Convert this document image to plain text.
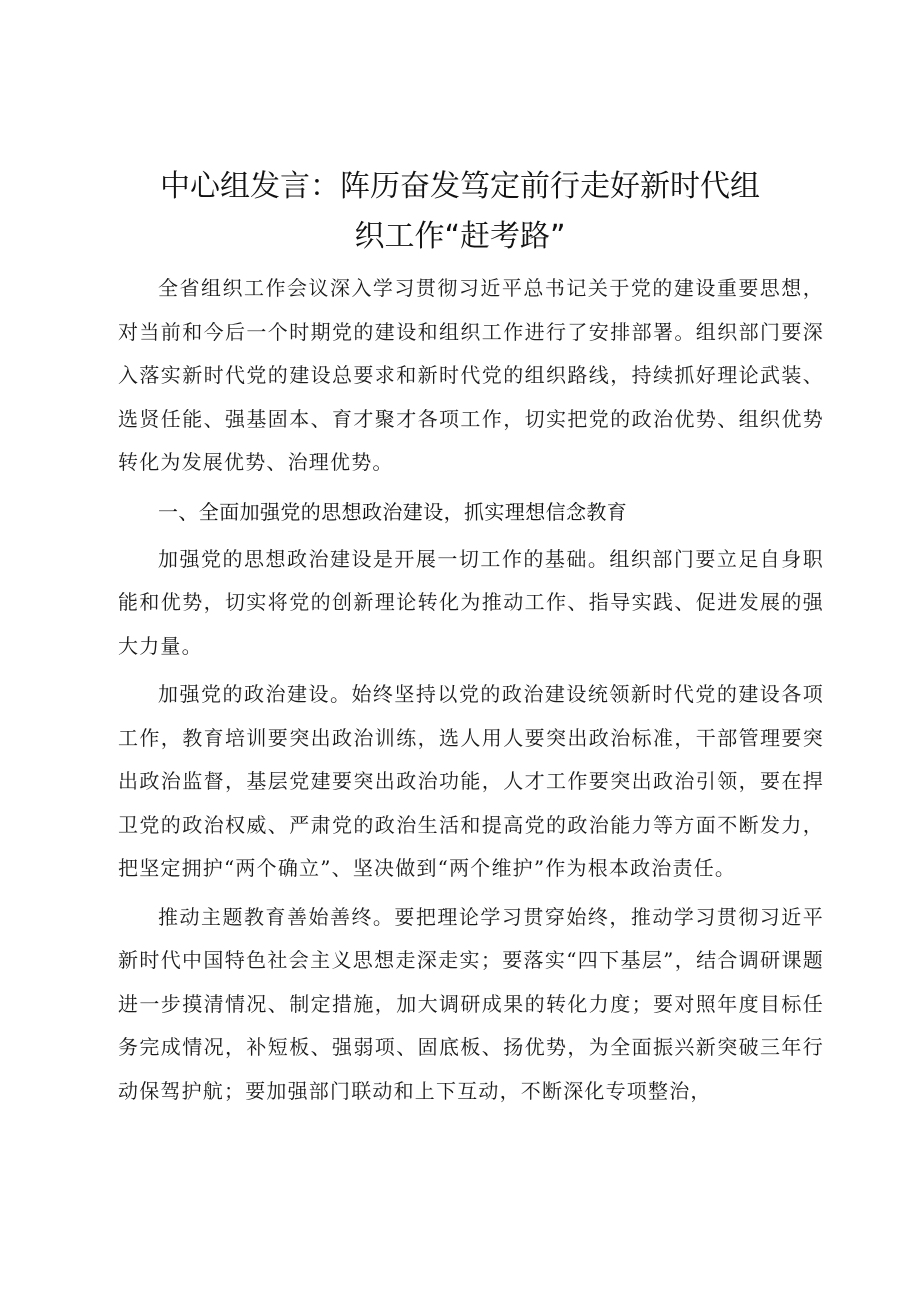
中心组发言：阵历奋发笃定前行走好新时代组
织工作“赶考路”

全省组织工作会议深入学习贯彻习近平总书记关于党的建设重要思想，对当前和今后一个时期党的建设和组织工作进行了安排部署。组织部门要深入落实新时代党的建设总要求和新时代党的组织路线，持续抓好理论武装、选贤任能、强基固本、育才聚才各项工作，切实把党的政治优势、组织优势转化为发展优势、治理优势。

一、全面加强党的思想政治建设，抓实理想信念教育

加强党的思想政治建设是开展一切工作的基础。组织部门要立足自身职能和优势，切实将党的创新理论转化为推动工作、指导实践、促进发展的强大力量。

加强党的政治建设。始终坚持以党的政治建设统领新时代党的建设各项工作，教育培训要突出政治训练，选人用人要突出政治标准，干部管理要突出政治监督，基层党建要突出政治功能，人才工作要突出政治引领，要在捍卫党的政治权威、严肃党的政治生活和提高党的政治能力等方面不断发力，把坚定拥护“两个确立”、坚决做到“两个维护”作为根本政治责任。

推动主题教育善始善终。要把理论学习贯穿始终，推动学习贯彻习近平新时代中国特色社会主义思想走深走实；要落实“四下基层”，结合调研课题进一步摸清情况、制定措施，加大调研成果的转化力度；要对照年度目标任务完成情况，补短板、强弱项、固底板、扬优势，为全面振兴新突破三年行动保驾护航；要加强部门联动和上下互动，不断深化专项整治，
